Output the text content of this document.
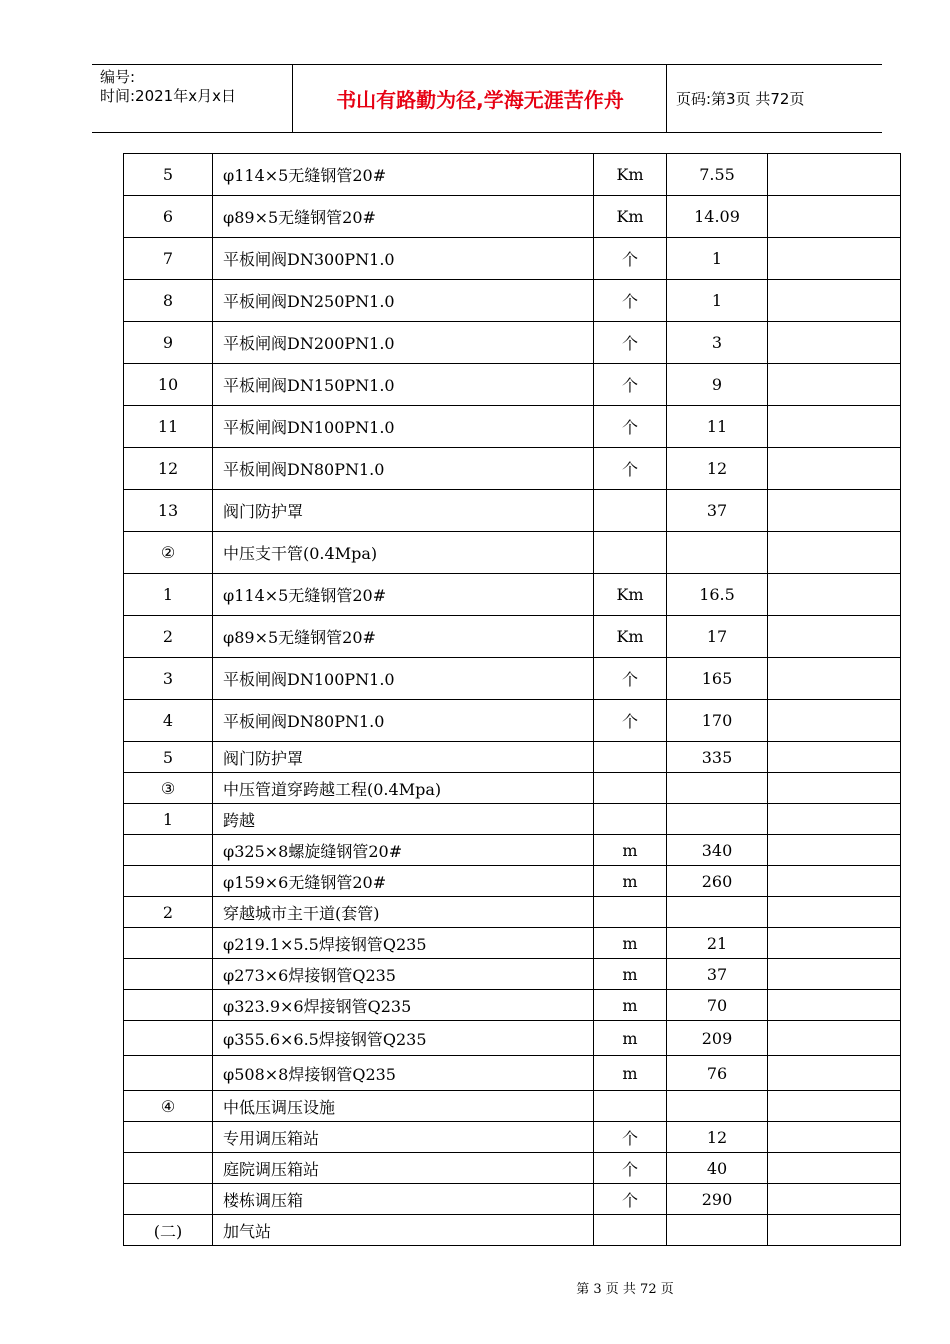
编号:
时间:2021年x月x日	书山有路勤为径,学海无涯苦作舟	页码:第3页 共72页
5	φ114×5无缝钢管20#	Km	7.55	
6	φ89×5无缝钢管20#	Km	14.09	
7	平板闸阀DN300PN1.0	个	1	
8	平板闸阀DN250PN1.0	个	1	
9	平板闸阀DN200PN1.0	个	3	
10	平板闸阀DN150PN1.0	个	9	
11	平板闸阀DN100PN1.0	个	11	
12	平板闸阀DN80PN1.0	个	12	
13	阀门防护罩		37	
②	中压支干管(0.4Mpa)			
1	φ114×5无缝钢管20#	Km	16.5	
2	φ89×5无缝钢管20#	Km	17	
3	平板闸阀DN100PN1.0	个	165	
4	平板闸阀DN80PN1.0	个	170	
5	阀门防护罩		335	
③	中压管道穿跨越工程(0.4Mpa)			
1	跨越			
	φ325×8螺旋缝钢管20#	m	340	
	φ159×6无缝钢管20#	m	260	
2	穿越城市主干道(套管)			
	φ219.1×5.5焊接钢管Q235	m	21	
	φ273×6焊接钢管Q235	m	37	
	φ323.9×6焊接钢管Q235	m	70	
	φ355.6×6.5焊接钢管Q235	m	209	
	φ508×8焊接钢管Q235	m	76	
④	中低压调压设施			
	专用调压箱站	个	12	
	庭院调压箱站	个	40	
	楼栋调压箱	个	290	
(二)	加气站			
第 3 页 共 72 页
